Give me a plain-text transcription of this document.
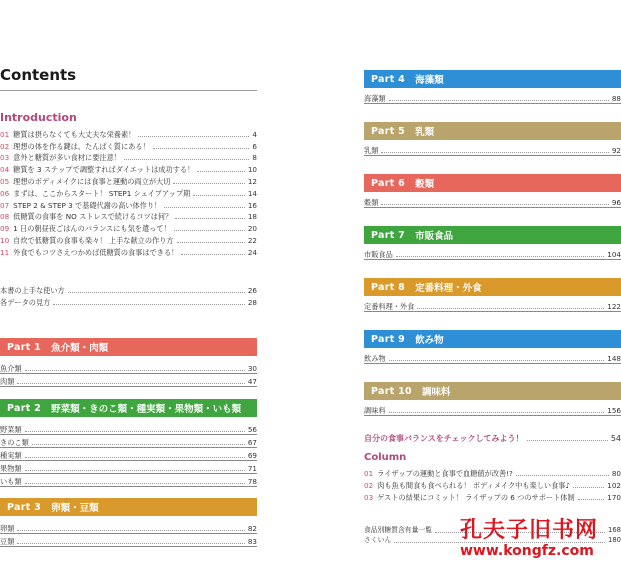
Contents
Introduction
01 糖質は摂らなくても大丈夫な栄養素！	4
02 理想の体を作る鍵は、たんぱく質にある！	6
03 意外と糖質が多い食材に要注意！	8
04 糖質を 3 ステップで調整すればダイエットは成功する！	10
05 理想のボディメイクには食事と運動の両立が大切	12
06 まずは、ここからスタート！ STEP1 シェイプアップ期	14
07 STEP 2 & STEP 3 で基礎代謝の高い体作り！	16
08 低糖質の食事を NO ストレスで続けるコツは何？	18
09 1 日の朝昼夜ごはんのバランスにも気を遣って！	20
10 自炊で低糖質の食事も楽々！ 上手な献立の作り方	22
11 外食でもコツさえつかめば低糖質の食事はできる！	24
本書の上手な使い方	26
各データの見方	28
Part 1 魚介類・肉類
魚介類	30
肉類	47
Part 2 野菜類・きのこ類・種実類・果物類・いも類
野菜類	56
きのこ類	67
種実類	69
果物類	71
いも類	78
Part 3 卵類・豆類
卵類	82
豆類	83
Part 4 海藻類
海藻類	88
Part 5 乳類
乳類	92
Part 6 穀類
穀類	96
Part 7 市販食品
市販食品	104
Part 8 定番料理・外食
定番料理・外食	122
Part 9 飲み物
飲み物	148
Part 10 調味料
調味料	156
自分の食事バランスをチェックしてみよう！	54
Column
01 ライザップの運動と食事で血糖値が改善!?	80
02 肉も魚も間食も食べられる！ ボディメイク中も楽しい食事♪	102
03 ゲストの結果にコミット！ ライザップの 6 つのサポート体制	170
食品別糖質含有量一覧	168
さくいん	180
孔夫子旧书网
www.kongfz.com
